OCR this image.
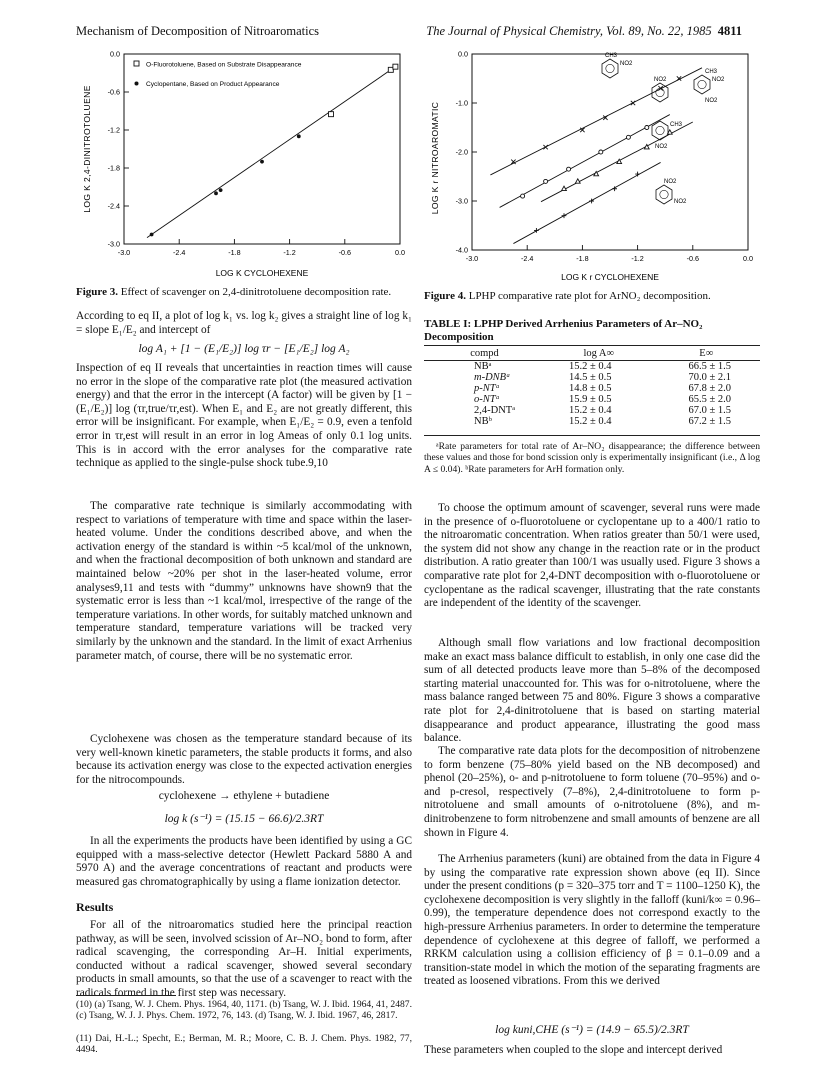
Mechanism of Decomposition of Nitroaromatics	The Journal of Physical Chemistry, Vol. 89, No. 22, 1985 4811
LOG K 2,4-DINITROTOLUENE
LOG K CYCLOHEXENE
-3.0	-2.4	-1.8	-1.2	-0.6	0.0
0.0
-0.6
-1.2
-1.8
-2.4
-3.0
O-Fluorotoluene, Based on Substrate Disappearance
Cyclopentane, Based on Product Appearance
Figure 3. Effect of scavenger on 2,4-dinitrotoluene decomposition rate.
LOG K r NITROAROMATIC
LOG K r CYCLOHEXENE
-3.0	-2.4	-1.8	-1.2	-0.6	0.0
0.0
-1.0
-2.0
-3.0
-4.0
CH3
NO2
NO2
CH3
NO2
NO2
CH3
NO2
NO2
NO2
Figure 4. LPHP comparative rate plot for ArNO₂ decomposition.
According to eq II, a plot of log k₁ vs. log k₂ gives a straight line of log k₁ = slope E₁/E₂ and intercept of
log A₁ + [1 − (E₁/E₂)] log τr − [E₁/E₂] log A₂
Inspection of eq II reveals that uncertainties in reaction times will cause no error in the slope of the comparative rate plot (the measured activation energy) and that the error in the intercept (A factor) will be given by [1 − (E₁/E₂)] log (τr,true/τr,est). When E₁ and E₂ are not greatly different, this error will be insignificant. For example, when E₁/E₂ = 0.9, even a tenfold error in τr,est will result in an error in log Ameas of only 0.1 log units. This is in accord with the error analyses for the comparative rate technique as applied to the single-pulse shock tube.9,10
The comparative rate technique is similarly accommodating with respect to variations of temperature with time and space within the laser-heated volume. Under the conditions described above, and when the activation energy of the standard is within ~5 kcal/mol of the unknown, and when the fractional decomposition of both unknown and standard are maintained below ~20% per shot in the laser-heated volume, error analyses9,11 and tests with “dummy” unknowns have shown9 that the systematic error is less than ~1 kcal/mol, irrespective of the range of the temperature variations. In other words, for suitably matched unknown and temperature standard, temperature variations will be tracked very similarly by the unknown and the standard. In the limit of exact Arrhenius parameter match, of course, there will be no systematic error.
Cyclohexene was chosen as the temperature standard because of its very well-known kinetic parameters, the stable products it forms, and also because its activation energy was close to the expected activation energies for the nitrocompounds.
cyclohexene → ethylene + butadiene
log k (s⁻¹) = (15.15 − 66.6)/2.3RT
In all the experiments the products have been identified by using a GC equipped with a mass-selective detector (Hewlett Packard 5880 A and 5970 A) and the average concentrations of reactant and products were measured gas chromatographically by using a flame ionization detector.
Results
For all of the nitroaromatics studied here the principal reaction pathway, as will be seen, involved scission of Ar–NO₂ bond to form, after radical scavenging, the corresponding Ar–H. Initial experiments, conducted without a radical scavenger, showed several secondary products in small amounts, so that the use of a scavenger to react with the radicals formed in the first step was necessary.
(10) (a) Tsang, W. J. Chem. Phys. 1964, 40, 1171. (b) Tsang, W. J. Ibid. 1964, 41, 2487. (c) Tsang, W. J. J. Phys. Chem. 1972, 76, 143. (d) Tsang, W. J. Ibid. 1967, 46, 2817.
(11) Dai, H.-L.; Specht, E.; Berman, M. R.; Moore, C. B. J. Chem. Phys. 1982, 77, 4494.
TABLE I: LPHP Derived Arrhenius Parameters of Ar–NO₂ Decomposition
compd	log A∞	E∞
NBᵃ	15.2 ± 0.4	66.5 ± 1.5
m-DNBᵃ	14.5 ± 0.5	70.0 ± 2.1
p-NTᵃ	14.8 ± 0.5	67.8 ± 2.0
o-NTᵃ	15.9 ± 0.5	65.5 ± 2.0
2,4-DNTᵃ	15.2 ± 0.4	67.0 ± 1.5
NBᵇ	15.2 ± 0.4	67.2 ± 1.5
ᵃRate parameters for total rate of Ar–NO₂ disappearance; the difference between these values and those for bond scission only is experimentally insignificant (i.e., Δ log A ≤ 0.04). ᵇRate parameters for ArH formation only.
To choose the optimum amount of scavenger, several runs were made in the presence of o-fluorotoluene or cyclopentane up to a 400/1 ratio to the nitroaromatic concentration. When ratios greater than 50/1 were used, the system did not show any change in the reaction rate or in the product distribution. A ratio greater than 100/1 was usually used. Figure 3 shows a comparative rate plot for 2,4-DNT decomposition with o-fluorotoluene or cyclopentane as the radical scavenger, illustrating that the rate constants are independent of the identity of the scavenger.
Although small flow variations and low fractional decomposition make an exact mass balance difficult to establish, in only one case did the sum of all detected products leave more than 5–8% of the decomposed starting material unaccounted for. This was for o-nitrotoluene, where the mass balance ranged between 75 and 80%. Figure 3 shows a comparative rate plot for 2,4-dinitrotoluene that is based on starting material disappearance and product appearance, illustrating the good mass balance.
The comparative rate data plots for the decomposition of nitrobenzene to form benzene (75–80% yield based on the NB decomposed) and phenol (20–25%), o- and p-nitrotoluene to form toluene (70–95%) and o- and p-cresol, respectively (7–8%), 2,4-dinitrotoluene to form p-nitrotoluene and small amounts of o-nitrotoluene (8%), and m-dinitrobenzene to form nitrobenzene and small amounts of benzene are all shown in Figure 4.
The Arrhenius parameters (kuni) are obtained from the data in Figure 4 by using the comparative rate expression shown above (eq II). Since under the present conditions (p = 320–375 torr and T = 1100–1250 K), the cyclohexene decomposition is very slightly in the falloff (kuni/k∞ = 0.96–0.99), the temperature dependence does not correspond exactly to the high-pressure Arrhenius parameters. In order to determine the temperature dependence of cyclohexene at this degree of falloff, we performed a RRKM calculation using a collision efficiency of β = 0.1–0.09 and a transition-state model in which the motion of the separating fragments are treated as loosened vibrations. From this we derived
log kuni,CHE (s⁻¹) = (14.9 − 65.5)/2.3RT
These parameters when coupled to the slope and intercept derived
